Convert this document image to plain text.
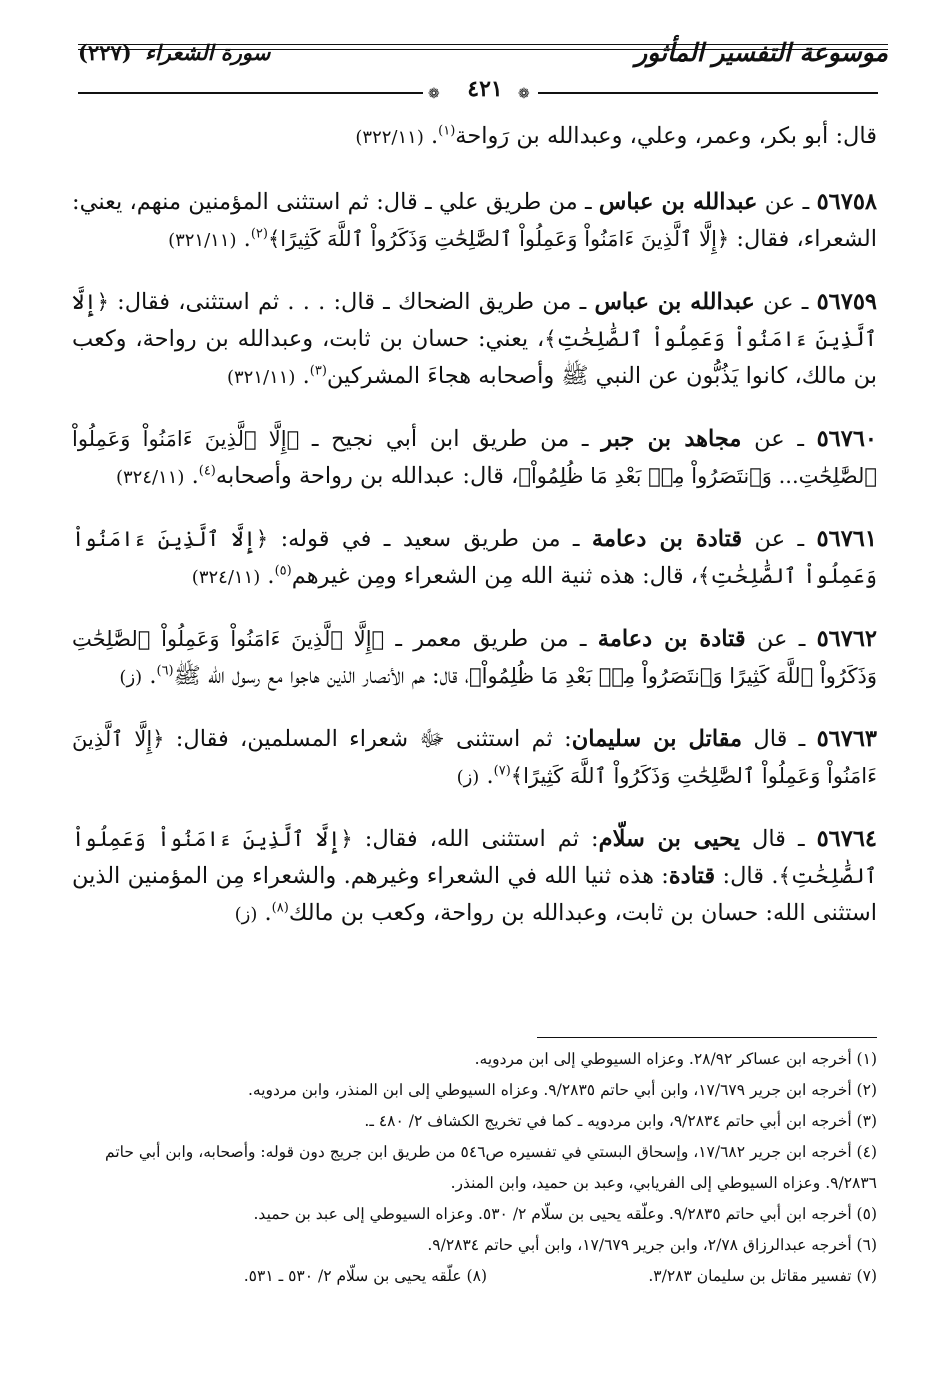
موسوعة التفسير المأثور
سورة الشعراء (٢٢٧)
❁	٤٢١	❁

قال: أبو بكر، وعمر، وعلي، وعبدالله بن رَواحة$^{(١)}$. (٣٢٢/١١)

٥٦٧٥٨ ـ عن عبدالله بن عباس ـ من طريق علي ـ قال: ثم استثنى المؤمنين منهم، يعني: الشعراء، فقال: ﴿إِلَّا ٱلَّذِينَ ءَامَنُواْ وَعَمِلُواْ ٱلصَّٰلِحَٰتِ وَذَكَرُواْ ٱللَّهَ كَثِيرًا﴾$^{(٢)}$. (٣٢١/١١)

٥٦٧٥٩ ـ عن عبدالله بن عباس ـ من طريق الضحاك ـ قال: . . . ثم استثنى، فقال: ﴿إِلَّا ٱلَّذِينَ ءَامَنُواْ وَعَمِلُواْ ٱلصَّٰلِحَٰتِ﴾، يعني: حسان بن ثابت، وعبدالله بن رواحة، وكعب بن مالك، كانوا يَذُبُّون عن النبي ﷺ وأصحابه هجاءَ المشركين$^{(٣)}$. (٣٢١/١١)

٥٦٧٦٠ ـ عن مجاهد بن جبر ـ من طريق ابن أبي نجيح ـ ﴿إِلَّا ٱلَّذِينَ ءَامَنُواْ وَعَمِلُواْ ٱلصَّٰلِحَٰتِ... وَٱنتَصَرُواْ مِنۢ بَعْدِ مَا ظُلِمُواْ﴾، قال: عبدالله بن رواحة وأصحابه$^{(٤)}$. (٣٢٤/١١)

٥٦٧٦١ ـ عن قتادة بن دعامة ـ من طريق سعيد ـ في قوله: ﴿إِلَّا ٱلَّذِينَ ءَامَنُواْ وَعَمِلُواْ ٱلصَّٰلِحَٰتِ﴾، قال: هذه ثنية الله مِن الشعراء ومِن غيرهم$^{(٥)}$. (٣٢٤/١١)

٥٦٧٦٢ ـ عن قتادة بن دعامة ـ من طريق معمر ـ ﴿إِلَّا ٱلَّذِينَ ءَامَنُواْ وَعَمِلُواْ ٱلصَّٰلِحَٰتِ وَذَكَرُواْ ٱللَّهَ كَثِيرًا وَٱنتَصَرُواْ مِنۢ بَعْدِ مَا ظُلِمُواْ﴾، قال: هم الأنصار الذين هاجوا مع رسول الله ﷺ$^{(٦)}$. (ز)

٥٦٧٦٣ ـ قال مقاتل بن سليمان: ثم استثنى ﷻ شعراء المسلمين، فقال: ﴿إِلَّا ٱلَّذِينَ ءَامَنُواْ وَعَمِلُواْ ٱلصَّٰلِحَٰتِ وَذَكَرُواْ ٱللَّهَ كَثِيرًا﴾$^{(٧)}$. (ز)

٥٦٧٦٤ ـ قال يحيى بن سلّام: ثم استثنى الله، فقال: ﴿إِلَّا ٱلَّذِينَ ءَامَنُواْ وَعَمِلُواْ ٱلصَّٰلِحَٰتِ﴾. قال: قتادة: هذه ثنيا الله في الشعراء وغيرهم. والشعراء مِن المؤمنين الذين استثنى الله: حسان بن ثابت، وعبدالله بن رواحة، وكعب بن مالك$^{(٨)}$. (ز)

(١) أخرجه ابن عساكر ٢٨/٩٢. وعزاه السيوطي إلى ابن مردويه.

(٢) أخرجه ابن جرير ١٧/٦٧٩، وابن أبي حاتم ٩/٢٨٣٥. وعزاه السيوطي إلى ابن المنذر، وابن مردويه.

(٣) أخرجه ابن أبي حاتم ٩/٢٨٣٤، وابن مردويه ـ كما في تخريج الكشاف ٢/ ٤٨٠ ـ.

(٤) أخرجه ابن جرير ١٧/٦٨٢، وإسحاق البستي في تفسيره ص٥٤٦ من طريق ابن جريج دون قوله: وأصحابه، وابن أبي حاتم ٩/٢٨٣٦. وعزاه السيوطي إلى الفريابي، وعبد بن حميد، وابن المنذر.

(٥) أخرجه ابن أبي حاتم ٩/٢٨٣٥. وعلّقه يحيى بن سلّام ٢/ ٥٣٠. وعزاه السيوطي إلى عبد بن حميد.

(٦) أخرجه عبدالرزاق ٢/٧٨، وابن جرير ١٧/٦٧٩، وابن أبي حاتم ٩/٢٨٣٤.

(٧) تفسير مقاتل بن سليمان ٣/٢٨٣.

(٨) علّقه يحيى بن سلّام ٢/ ٥٣٠ ـ ٥٣١.
